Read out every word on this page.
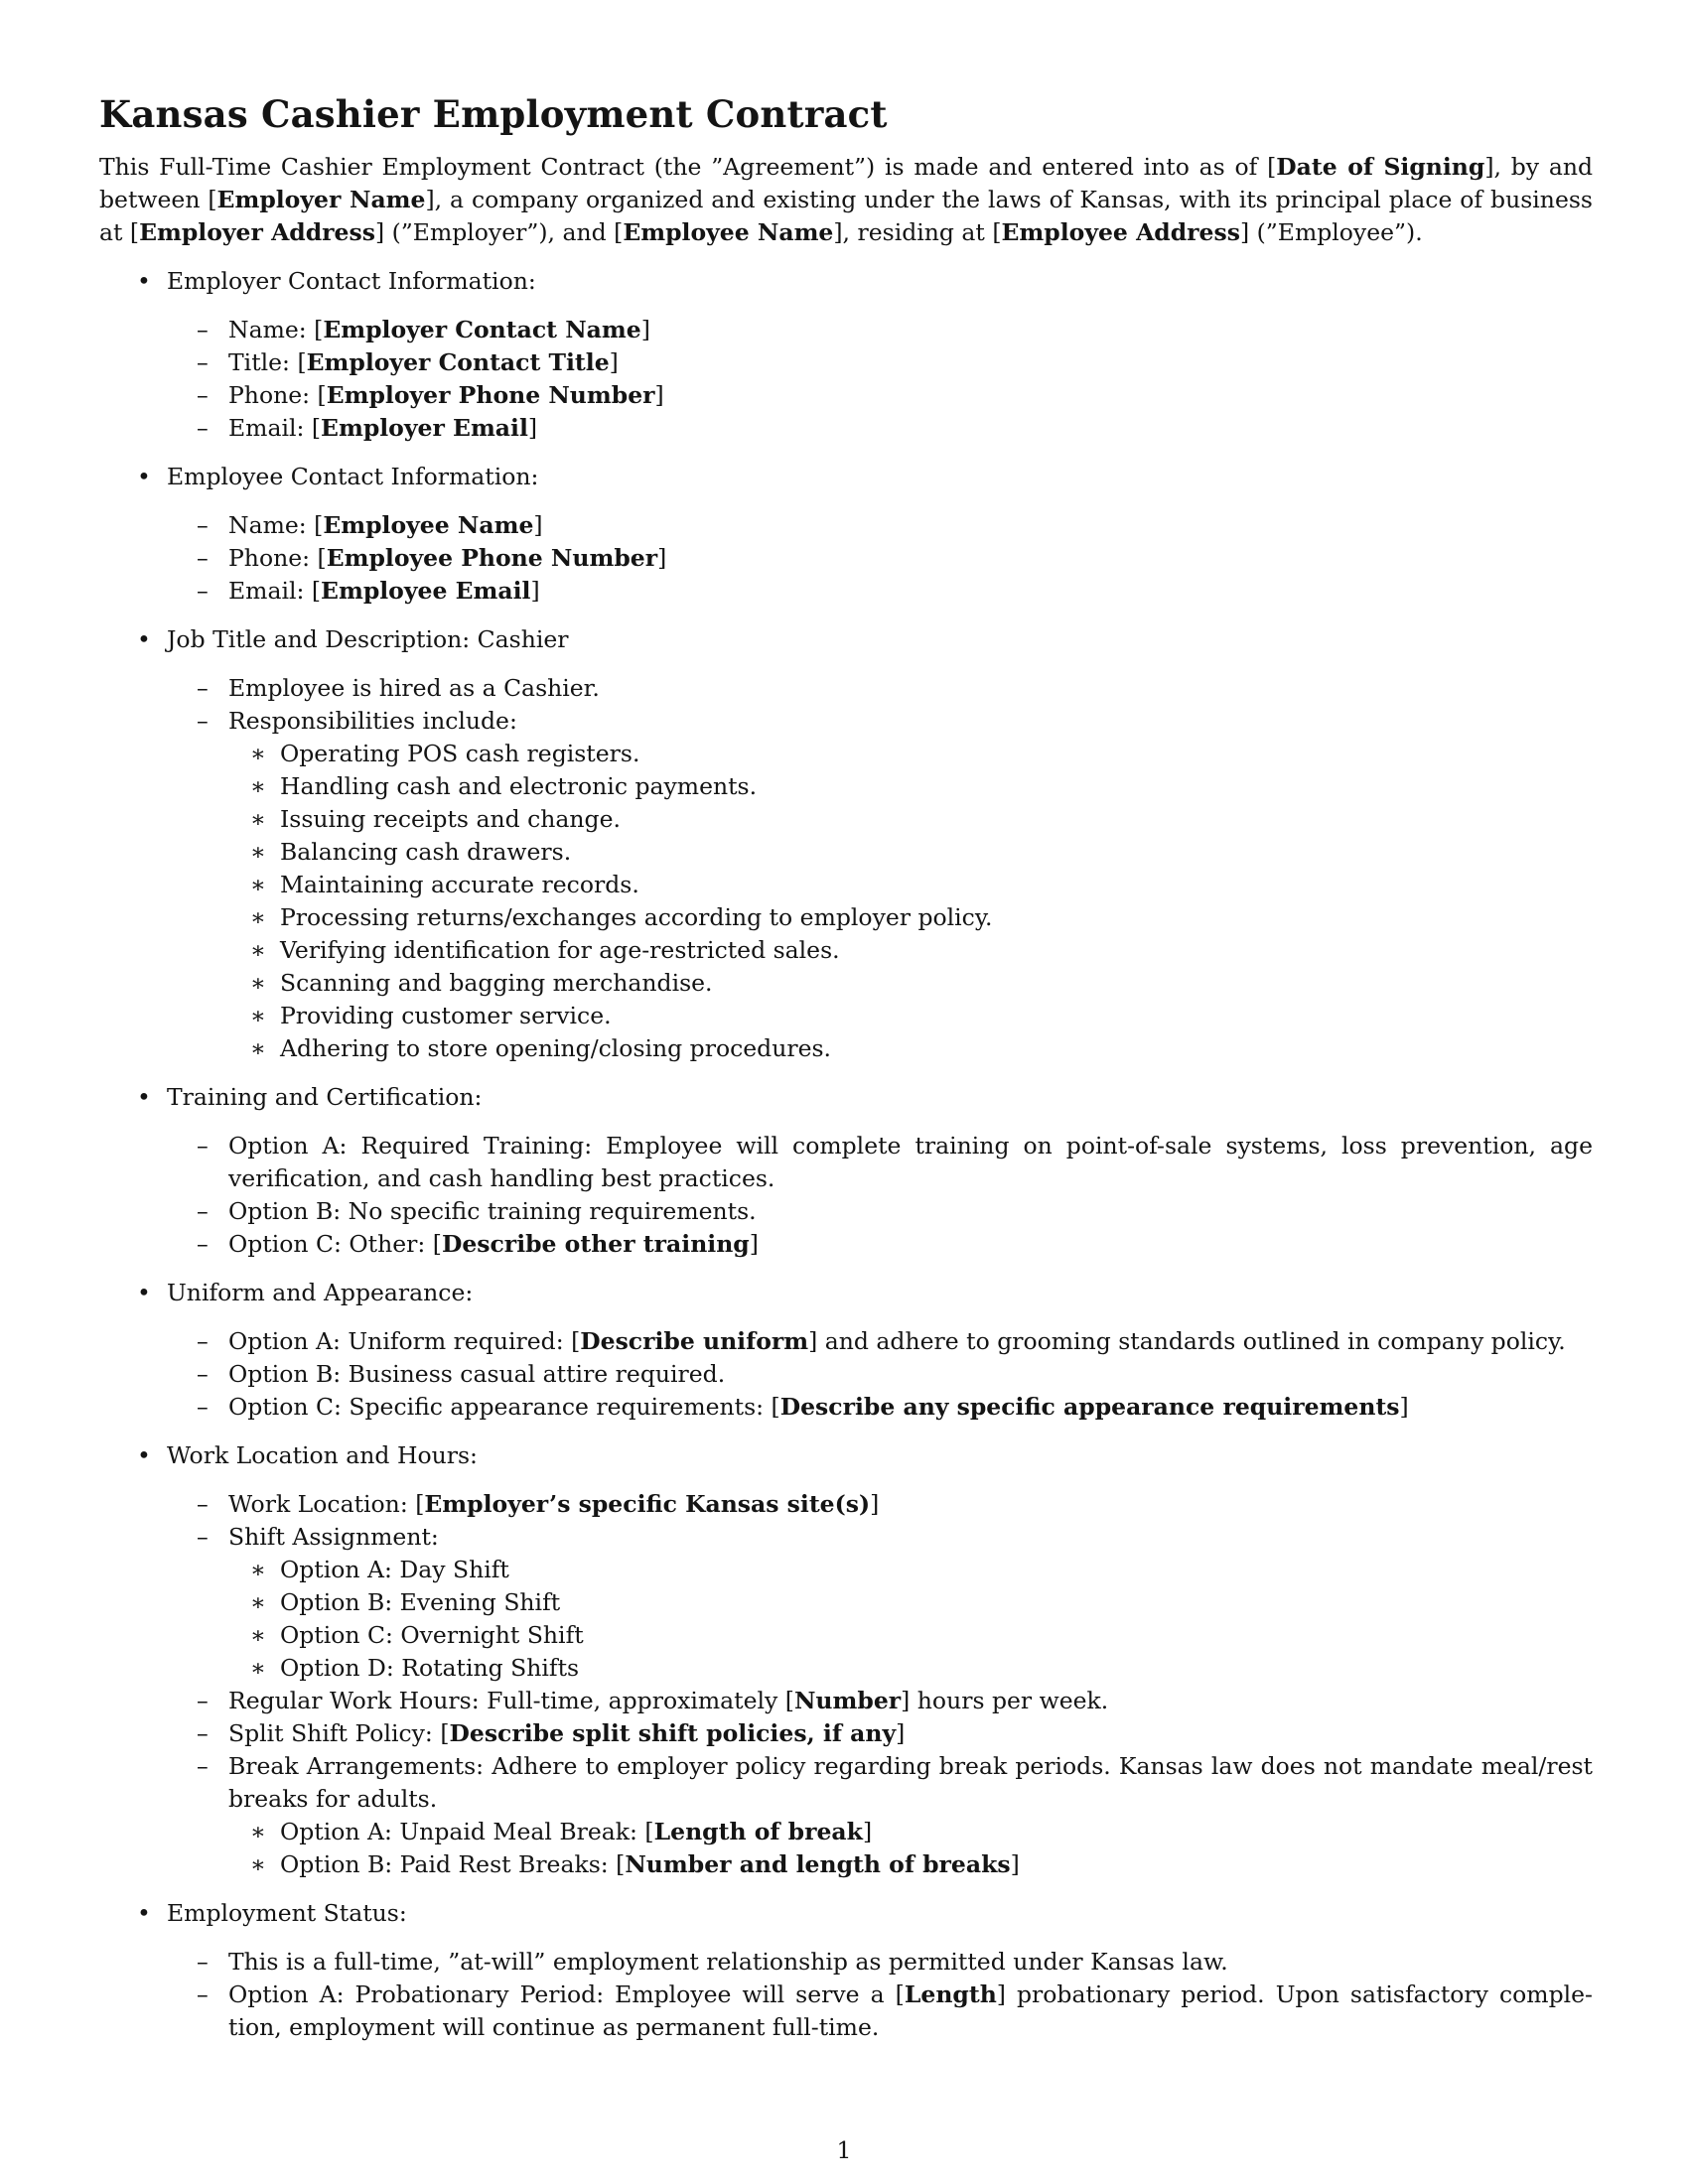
Kansas Cashier Employment Contract

This Full-Time Cashier Employment Contract (the ”Agreement”) is made and entered into as of [Date of Signing], by and between [Employer Name], a company organized and existing under the laws of Kansas, with its principal place of business at [Employer Address] (”Employer”), and [Employee Name], residing at [Employee Address] (”Employee”).

• Employer Contact Information:
– Name: [Employer Contact Name]
– Title: [Employer Contact Title]
– Phone: [Employer Phone Number]
– Email: [Employer Email]
• Employee Contact Information:
– Name: [Employee Name]
– Phone: [Employee Phone Number]
– Email: [Employee Email]
• Job Title and Description: Cashier
– Employee is hired as a Cashier.
– Responsibilities include:
∗ Operating POS cash registers.
∗ Handling cash and electronic payments.
∗ Issuing receipts and change.
∗ Balancing cash drawers.
∗ Maintaining accurate records.
∗ Processing returns/exchanges according to employer policy.
∗ Verifying identification for age-restricted sales.
∗ Scanning and bagging merchandise.
∗ Providing customer service.
∗ Adhering to store opening/closing procedures.
• Training and Certification:
– Option A: Required Training: Employee will complete training on point-of-sale systems, loss prevention, age verification, and cash handling best practices.
– Option B: No specific training requirements.
– Option C: Other: [Describe other training]
• Uniform and Appearance:
– Option A: Uniform required: [Describe uniform] and adhere to grooming standards outlined in company policy.
– Option B: Business casual attire required.
– Option C: Specific appearance requirements: [Describe any specific appearance requirements]
• Work Location and Hours:
– Work Location: [Employer’s specific Kansas site(s)]
– Shift Assignment:
∗ Option A: Day Shift
∗ Option B: Evening Shift
∗ Option C: Overnight Shift
∗ Option D: Rotating Shifts
– Regular Work Hours: Full-time, approximately [Number] hours per week.
– Split Shift Policy: [Describe split shift policies, if any]
– Break Arrangements: Adhere to employer policy regarding break periods. Kansas law does not mandate meal/rest breaks for adults.
∗ Option A: Unpaid Meal Break: [Length of break]
∗ Option B: Paid Rest Breaks: [Number and length of breaks]
• Employment Status:
– This is a full-time, ”at-will” employment relationship as permitted under Kansas law.
– Option A: Probationary Period: Employee will serve a [Length] probationary period. Upon satisfactory comple-tion, employment will continue as permanent full-time.
1
